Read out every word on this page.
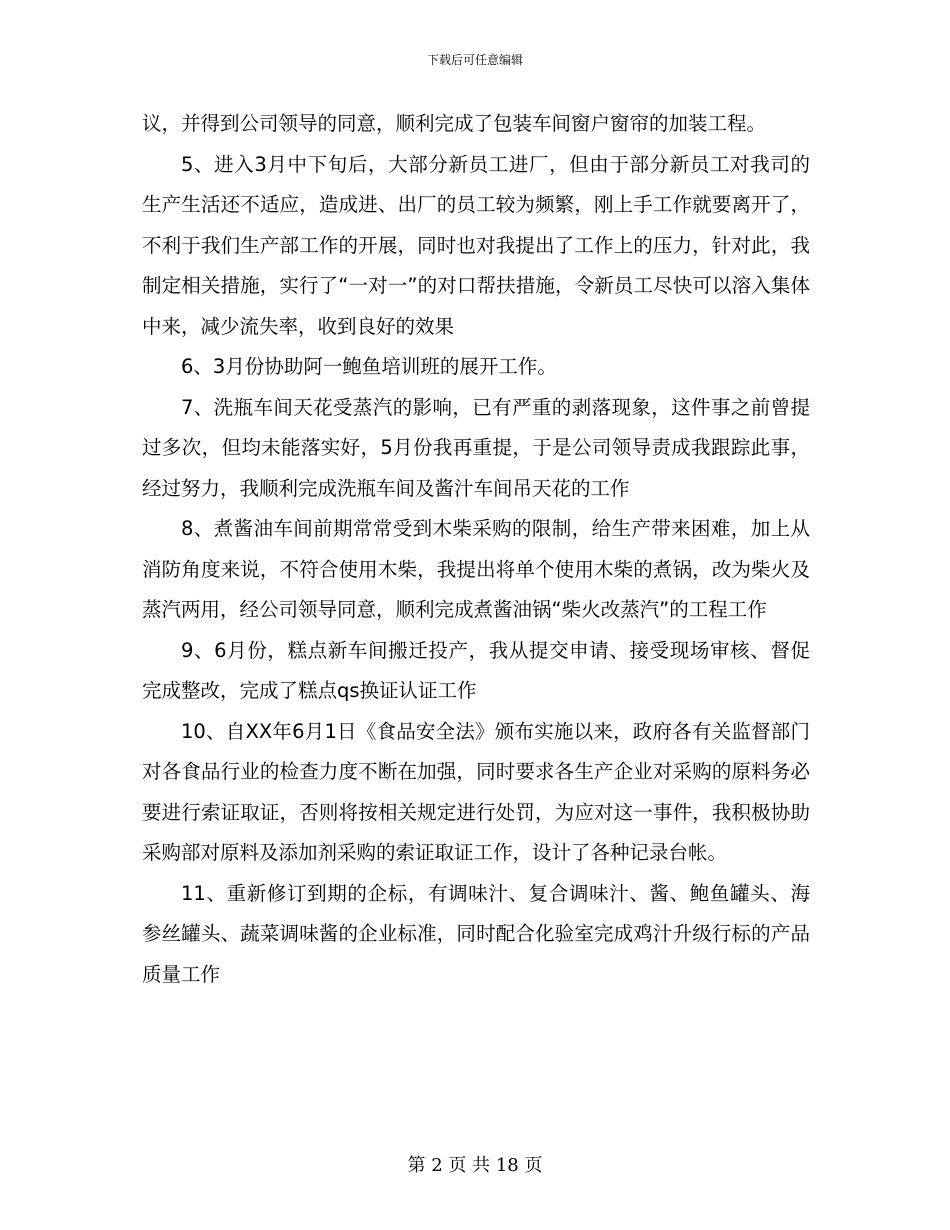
下载后可任意编辑

议，并得到公司领导的同意，顺利完成了包装车间窗户窗帘的加装工程。

5、进入3月中下旬后，大部分新员工进厂，但由于部分新员工对我司的生产生活还不适应，造成进、出厂的员工较为频繁，刚上手工作就要离开了，不利于我们生产部工作的开展，同时也对我提出了工作上的压力，针对此，我制定相关措施，实行了“一对一”的对口帮扶措施，令新员工尽快可以溶入集体中来，减少流失率，收到良好的效果

6、3月份协助阿一鲍鱼培训班的展开工作。

7、洗瓶车间天花受蒸汽的影响，已有严重的剥落现象，这件事之前曾提过多次，但均未能落实好，5月份我再重提，于是公司领导责成我跟踪此事，经过努力，我顺利完成洗瓶车间及酱汁车间吊天花的工作

8、煮酱油车间前期常常受到木柴采购的限制，给生产带来困难，加上从消防角度来说，不符合使用木柴，我提出将单个使用木柴的煮锅，改为柴火及蒸汽两用，经公司领导同意，顺利完成煮酱油锅“柴火改蒸汽”的工程工作

9、6月份，糕点新车间搬迁投产，我从提交申请、接受现场审核、督促完成整改，完成了糕点qs换证认证工作

10、自XX年6月1日《食品安全法》颁布实施以来，政府各有关监督部门对各食品行业的检查力度不断在加强，同时要求各生产企业对采购的原料务必要进行索证取证，否则将按相关规定进行处罚，为应对这一事件，我积极协助采购部对原料及添加剂采购的索证取证工作，设计了各种记录台帐。

11、重新修订到期的企标，有调味汁、复合调味汁、酱、鲍鱼罐头、海参丝罐头、蔬菜调味酱的企业标准，同时配合化验室完成鸡汁升级行标的产品质量工作

第 2 页 共 18 页
